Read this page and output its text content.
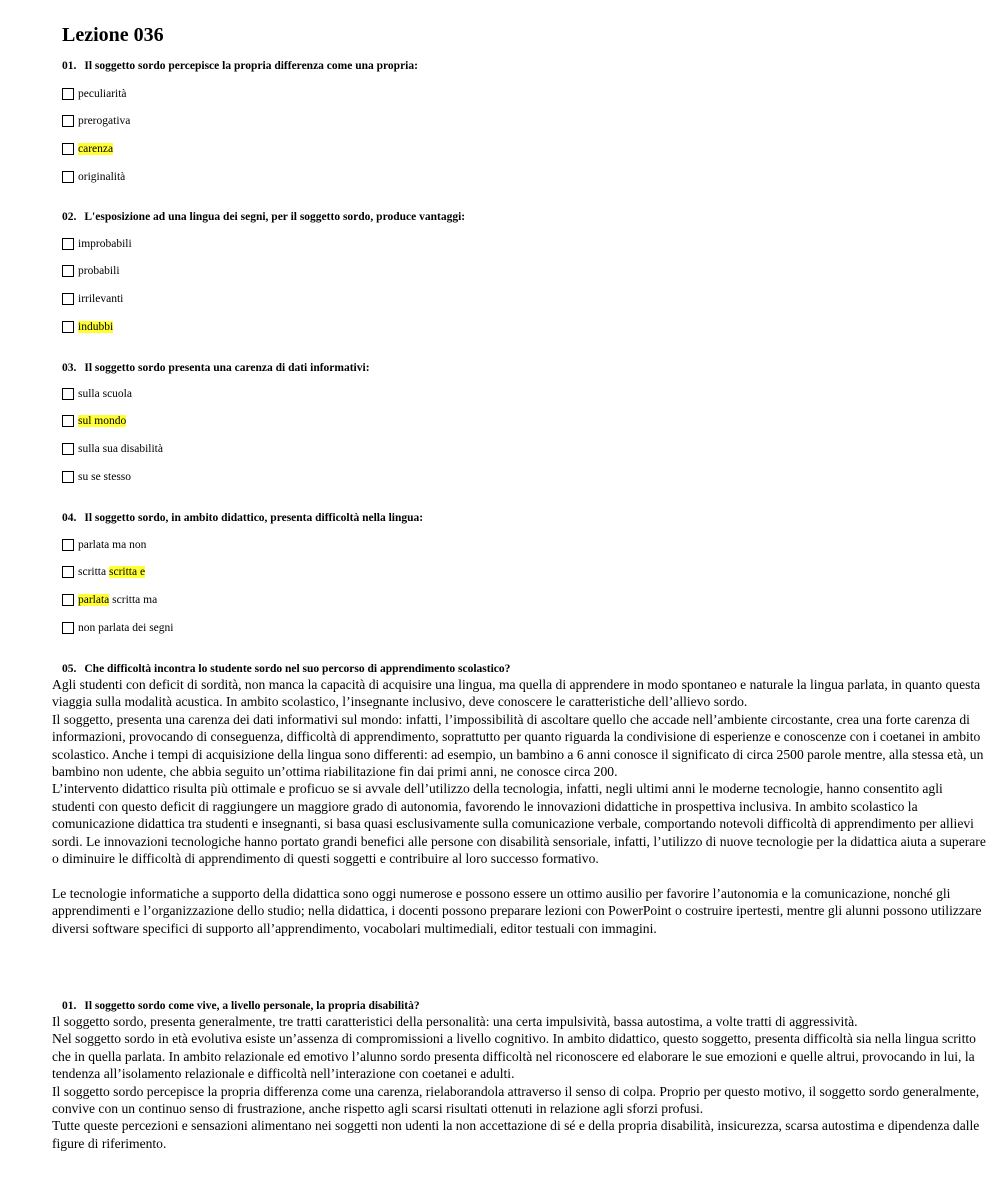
Lezione 036

01. Il soggetto sordo percepisce la propria differenza come una propria:

peculiarità
prerogativa
carenza
originalità

02. L'esposizione ad una lingua dei segni, per il soggetto sordo, produce vantaggi:

improbabili
probabili
irrilevanti
indubbi

03. Il soggetto sordo presenta una carenza di dati informativi:

sulla scuola
sul mondo
sulla sua disabilità
su se stesso

04. Il soggetto sordo, in ambito didattico, presenta difficoltà nella lingua:

parlata ma non
scritta
scritta e
parlata
scritta ma
non parlata dei segni

05. Che difficoltà incontra lo studente sordo nel suo percorso di apprendimento scolastico?

Agli studenti con deficit di sordità, non manca la capacità di acquisire una lingua, ma quella di apprendere in modo spontaneo e naturale la lingua parlata, in quanto questa viaggia sulla modalità acustica. In ambito scolastico, l’insegnante inclusivo, deve conoscere le caratteristiche dell’allievo sordo.

Il soggetto, presenta una carenza dei dati informativi sul mondo: infatti, l’impossibilità di ascoltare quello che accade nell’ambiente circostante, crea una forte carenza di informazioni, provocando di conseguenza, difficoltà di apprendimento, soprattutto per quanto riguarda la condivisione di esperienze e conoscenze con i coetanei in ambito scolastico. Anche i tempi di acquisizione della lingua sono differenti: ad esempio, un bambino a 6 anni conosce il significato di circa 2500 parole mentre, alla stessa età, un bambino non udente, che abbia seguito un’ottima riabilitazione fin dai primi anni, ne conosce circa 200.

L’intervento didattico risulta più ottimale e proficuo se si avvale dell’utilizzo della tecnologia, infatti, negli ultimi anni le moderne tecnologie, hanno consentito agli studenti con questo deficit di raggiungere un maggiore grado di autonomia, favorendo le innovazioni didattiche in prospettiva inclusiva. In ambito scolastico la comunicazione didattica tra studenti e insegnanti, si basa quasi esclusivamente sulla comunicazione verbale, comportando notevoli difficoltà di apprendimento per allievi sordi. Le innovazioni tecnologiche hanno portato grandi benefici alle persone con disabilità sensoriale, infatti, l’utilizzo di nuove tecnologie per la didattica aiuta a superare o diminuire le difficoltà di apprendimento di questi soggetti e contribuire al loro successo formativo.

Le tecnologie informatiche a supporto della didattica sono oggi numerose e possono essere un ottimo ausilio per favorire l’autonomia e la comunicazione, nonché gli apprendimenti e l’organizzazione dello studio; nella didattica, i docenti possono preparare lezioni con PowerPoint o costruire ipertesti, mentre gli alunni possono utilizzare diversi software specifici di supporto all’apprendimento, vocabolari multimediali, editor testuali con immagini.

01. Il soggetto sordo come vive, a livello personale, la propria disabilità?

Il soggetto sordo, presenta generalmente, tre tratti caratteristici della personalità: una certa impulsività, bassa autostima, a volte tratti di aggressività.

Nel soggetto sordo in età evolutiva esiste un’assenza di compromissioni a livello cognitivo. In ambito didattico, questo soggetto, presenta difficoltà sia nella lingua scritto che in quella parlata. In ambito relazionale ed emotivo l’alunno sordo presenta difficoltà nel riconoscere ed elaborare le sue emozioni e quelle altrui, provocando in lui, la tendenza all’isolamento relazionale e difficoltà nell’interazione con coetanei e adulti.

Il soggetto sordo percepisce la propria differenza come una carenza, rielaborandola attraverso il senso di colpa. Proprio per questo motivo, il soggetto sordo generalmente, convive con un continuo senso di frustrazione, anche rispetto agli scarsi risultati ottenuti in relazione agli sforzi profusi.

Tutte queste percezioni e sensazioni alimentano nei soggetti non udenti la non accettazione di sé e della propria disabilità, insicurezza, scarsa autostima e dipendenza dalle figure di riferimento.
